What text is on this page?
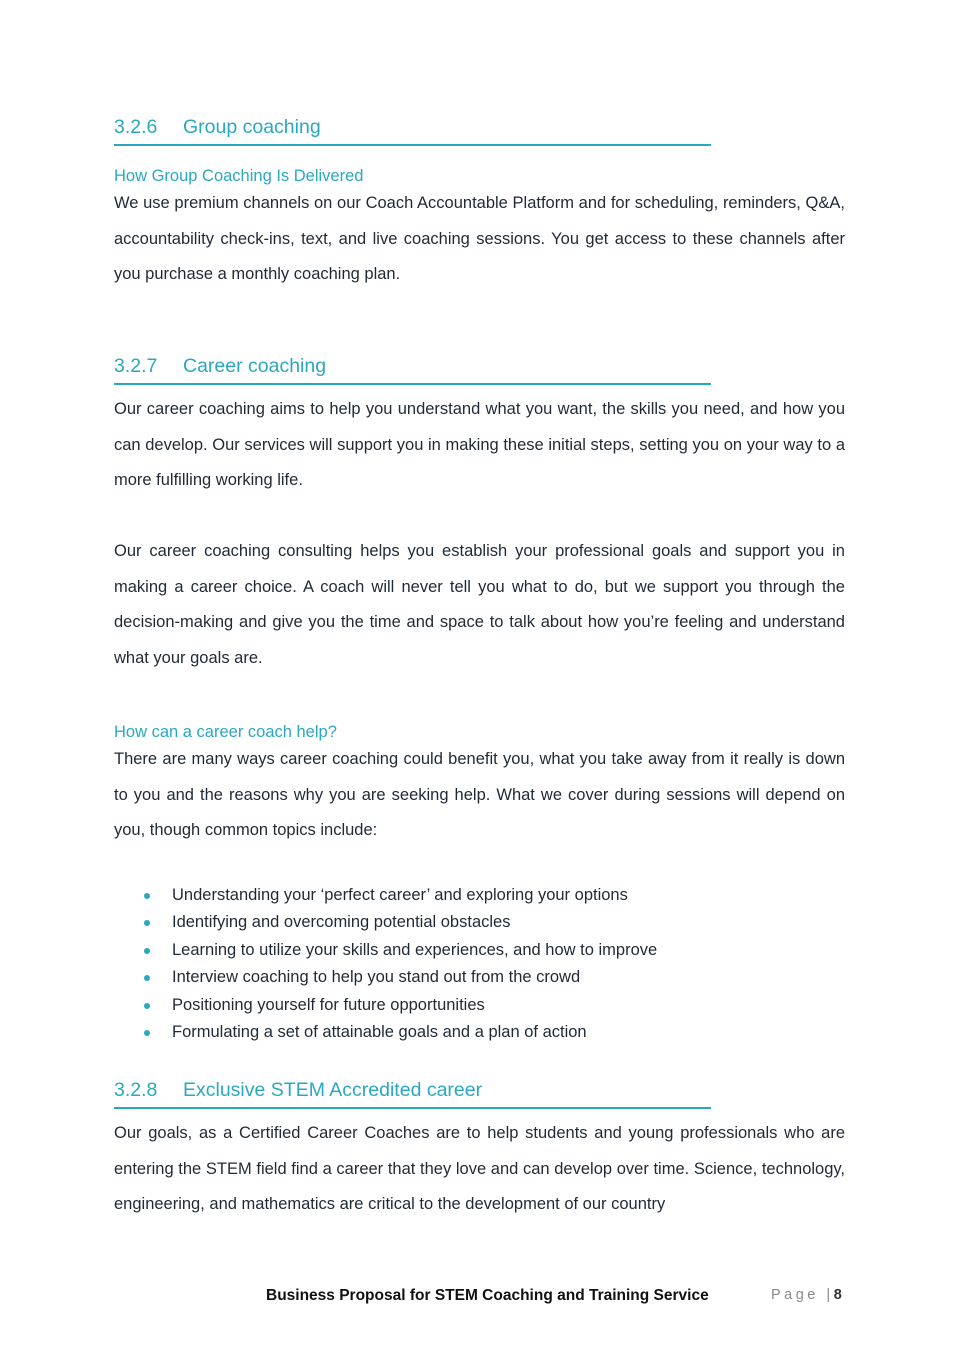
3.2.6 Group coaching
How Group Coaching Is Delivered
We use premium channels on our Coach Accountable Platform and for scheduling, reminders, Q&A, accountability check-ins, text, and live coaching sessions. You get access to these channels after you purchase a monthly coaching plan.
3.2.7 Career coaching
Our career coaching aims to help you understand what you want, the skills you need, and how you can develop. Our services will support you in making these initial steps, setting you on your way to a more fulfilling working life.
Our career coaching consulting helps you establish your professional goals and support you in making a career choice. A coach will never tell you what to do, but we support you through the decision-making and give you the time and space to talk about how you’re feeling and understand what your goals are.
How can a career coach help?
There are many ways career coaching could benefit you, what you take away from it really is down to you and the reasons why you are seeking help. What we cover during sessions will depend on you, though common topics include:
Understanding your ‘perfect career’ and exploring your options
Identifying and overcoming potential obstacles
Learning to utilize your skills and experiences, and how to improve
Interview coaching to help you stand out from the crowd
Positioning yourself for future opportunities
Formulating a set of attainable goals and a plan of action
3.2.8 Exclusive STEM Accredited career
Our goals, as a Certified Career Coaches are to help students and young professionals who are entering the STEM field find a career that they love and can develop over time. Science, technology, engineering, and mathematics are critical to the development of our country
Business Proposal for STEM Coaching and Training Service	Page |8
